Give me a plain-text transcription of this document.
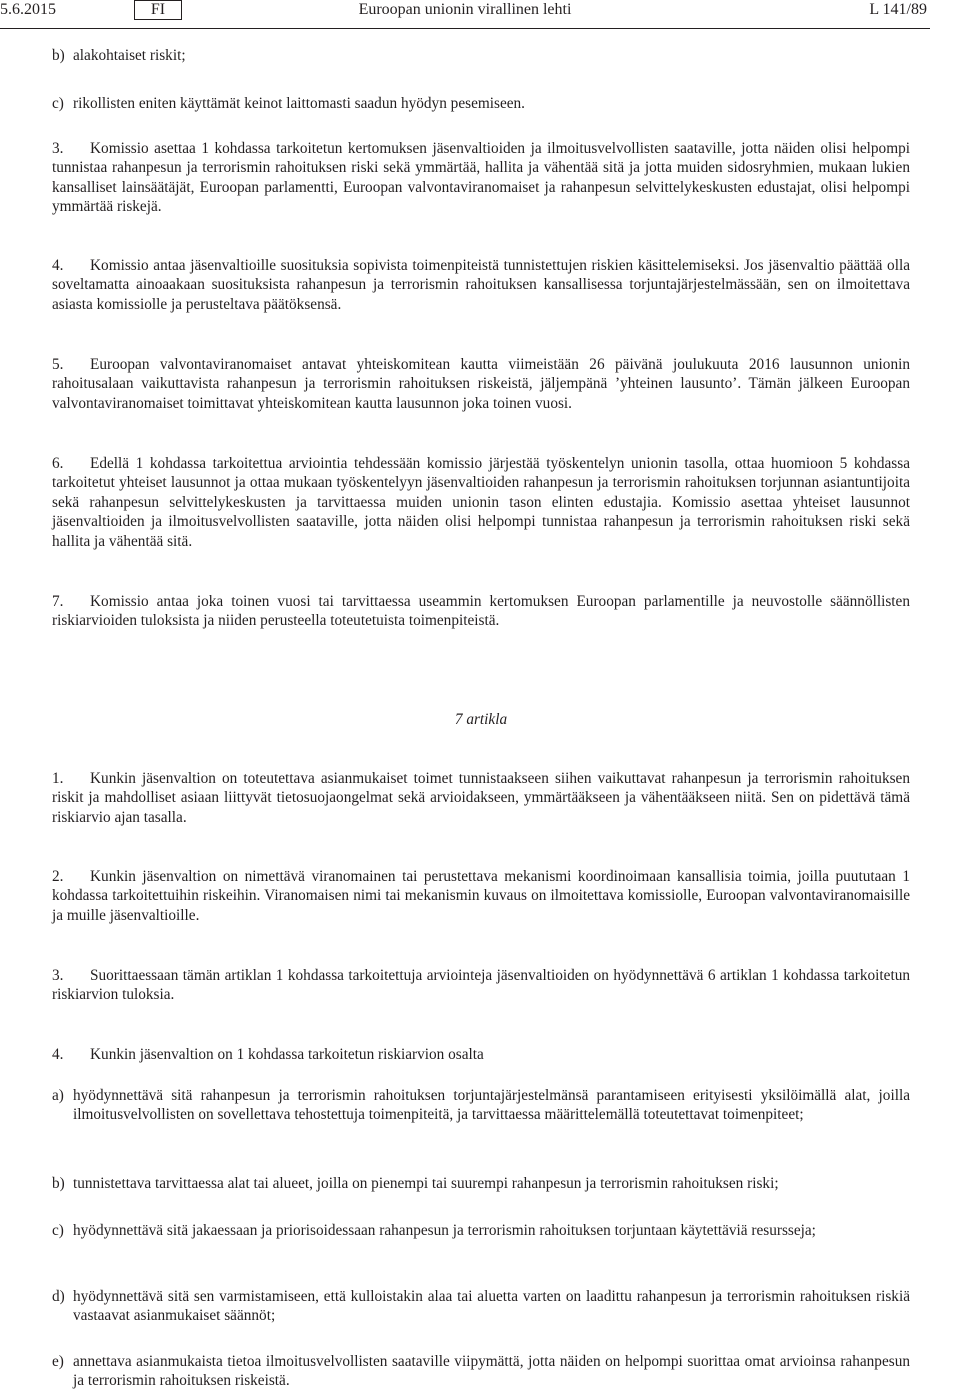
5.6.2015	FI	Euroopan unionin virallinen lehti	L 141/89
b) alakohtaiset riskit;
c) rikollisten eniten käyttämät keinot laittomasti saadun hyödyn pesemiseen.
3. Komissio asettaa 1 kohdassa tarkoitetun kertomuksen jäsenvaltioiden ja ilmoitusvelvollisten saataville, jotta näiden olisi helpompi tunnistaa rahanpesun ja terrorismin rahoituksen riski sekä ymmärtää, hallita ja vähentää sitä ja jotta muiden sidosryhmien, mukaan lukien kansalliset lainsäätäjät, Euroopan parlamentti, Euroopan valvontaviranomaiset ja rahanpesun selvittelykeskusten edustajat, olisi helpompi ymmärtää riskejä.
4. Komissio antaa jäsenvaltioille suosituksia sopivista toimenpiteistä tunnistettujen riskien käsittelemiseksi. Jos jäsenvaltio päättää olla soveltamatta ainoaakaan suosituksista rahanpesun ja terrorismin rahoituksen kansallisessa torjuntajärjestelmässään, sen on ilmoitettava asiasta komissiolle ja perusteltava päätöksensä.
5. Euroopan valvontaviranomaiset antavat yhteiskomitean kautta viimeistään 26 päivänä joulukuuta 2016 lausunnon unionin rahoitusalaan vaikuttavista rahanpesun ja terrorismin rahoituksen riskeistä, jäljempänä ’yhteinen lausunto’. Tämän jälkeen Euroopan valvontaviranomaiset toimittavat yhteiskomitean kautta lausunnon joka toinen vuosi.
6. Edellä 1 kohdassa tarkoitettua arviointia tehdessään komissio järjestää työskentelyn unionin tasolla, ottaa huomioon 5 kohdassa tarkoitetut yhteiset lausunnot ja ottaa mukaan työskentelyyn jäsenvaltioiden rahanpesun ja terrorismin rahoituksen torjunnan asiantuntijoita sekä rahanpesun selvittelykeskusten ja tarvittaessa muiden unionin tason elinten edustajia. Komissio asettaa yhteiset lausunnot jäsenvaltioiden ja ilmoitusvelvollisten saataville, jotta näiden olisi helpompi tunnistaa rahanpesun ja terrorismin rahoituksen riski sekä hallita ja vähentää sitä.
7. Komissio antaa joka toinen vuosi tai tarvittaessa useammin kertomuksen Euroopan parlamentille ja neuvostolle säännöllisten riskiarvioiden tuloksista ja niiden perusteella toteutetuista toimenpiteistä.
7 artikla
1. Kunkin jäsenvaltion on toteutettava asianmukaiset toimet tunnistaakseen siihen vaikuttavat rahanpesun ja terrorismin rahoituksen riskit ja mahdolliset asiaan liittyvät tietosuojaongelmat sekä arvioidakseen, ymmärtääkseen ja vähentääkseen niitä. Sen on pidettävä tämä riskiarvio ajan tasalla.
2. Kunkin jäsenvaltion on nimettävä viranomainen tai perustettava mekanismi koordinoimaan kansallisia toimia, joilla puututaan 1 kohdassa tarkoitettuihin riskeihin. Viranomaisen nimi tai mekanismin kuvaus on ilmoitettava komissiolle, Euroopan valvontaviranomaisille ja muille jäsenvaltioille.
3. Suorittaessaan tämän artiklan 1 kohdassa tarkoitettuja arviointeja jäsenvaltioiden on hyödynnettävä 6 artiklan 1 kohdassa tarkoitetun riskiarvion tuloksia.
4. Kunkin jäsenvaltion on 1 kohdassa tarkoitetun riskiarvion osalta
a) hyödynnettävä sitä rahanpesun ja terrorismin rahoituksen torjuntajärjestelmänsä parantamiseen erityisesti yksilöimällä alat, joilla ilmoitusvelvollisten on sovellettava tehostettuja toimenpiteitä, ja tarvittaessa määrittelemällä toteutettavat toimenpiteet;
b) tunnistettava tarvittaessa alat tai alueet, joilla on pienempi tai suurempi rahanpesun ja terrorismin rahoituksen riski;
c) hyödynnettävä sitä jakaessaan ja priorisoidessaan rahanpesun ja terrorismin rahoituksen torjuntaan käytettäviä resursseja;
d) hyödynnettävä sitä sen varmistamiseen, että kulloistakin alaa tai aluetta varten on laadittu rahanpesun ja terrorismin rahoituksen riskiä vastaavat asianmukaiset säännöt;
e) annettava asianmukaista tietoa ilmoitusvelvollisten saataville viipymättä, jotta näiden on helpompi suorittaa omat arvioinsa rahanpesun ja terrorismin rahoituksen riskeistä.
